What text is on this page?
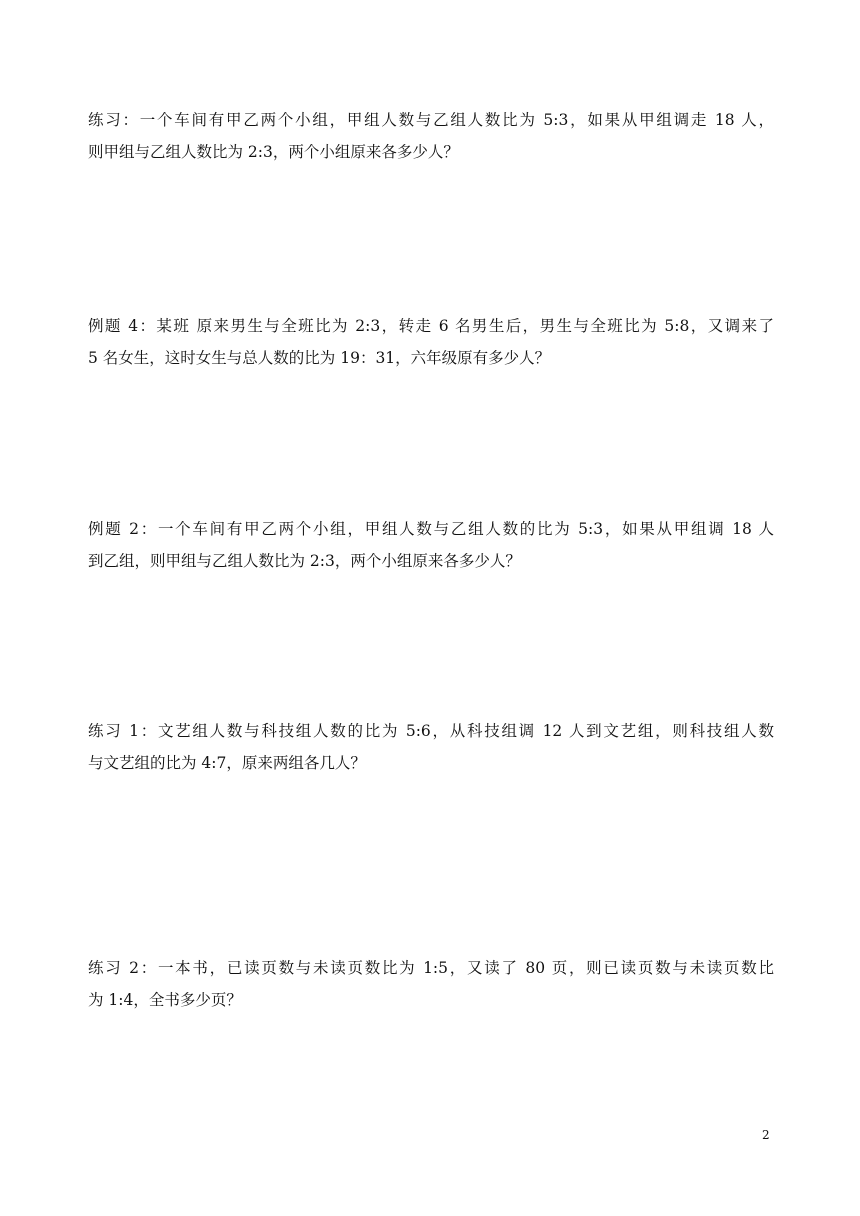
练习：一个车间有甲乙两个小组，甲组人数与乙组人数比为 5:3，如果从甲组调走 18 人，
则甲组与乙组人数比为 2:3，两个小组原来各多少人？
例题 4：某班 原来男生与全班比为 2:3，转走 6 名男生后，男生与全班比为 5:8，又调来了
5 名女生，这时女生与总人数的比为 19：31，六年级原有多少人？
例题 2：一个车间有甲乙两个小组，甲组人数与乙组人数的比为 5:3，如果从甲组调 18 人
到乙组，则甲组与乙组人数比为 2:3，两个小组原来各多少人？
练习 1：文艺组人数与科技组人数的比为 5:6，从科技组调 12 人到文艺组，则科技组人数
与文艺组的比为 4:7，原来两组各几人？
练习 2：一本书，已读页数与未读页数比为 1:5，又读了 80 页，则已读页数与未读页数比
为 1:4，全书多少页？
2
